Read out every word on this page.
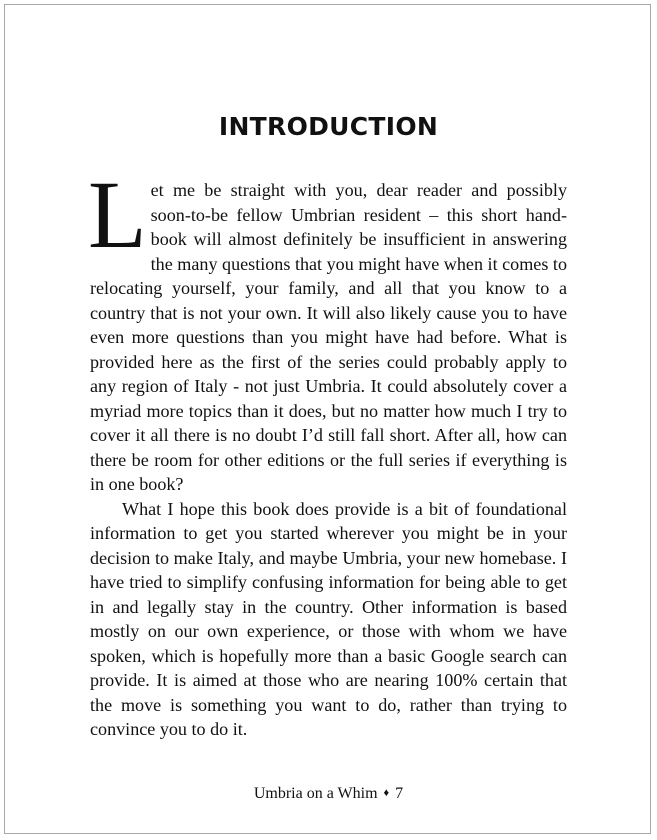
INTRODUCTION

Let me be straight with you, dear reader and possibly soon-to-be fellow Umbrian resident – this short handbook will almost definitely be insufficient in answering the many questions that you might have when it comes to relocating yourself, your family, and all that you know to a country that is not your own. It will also likely cause you to have even more questions than you might have had before. What is provided here as the first of the series could probably apply to any region of Italy - not just Umbria. It could absolutely cover a myriad more topics than it does, but no matter how much I try to cover it all there is no doubt I’d still fall short. After all, how can there be room for other editions or the full series if everything is in one book?

What I hope this book does provide is a bit of foundational information to get you started wherever you might be in your decision to make Italy, and maybe Umbria, your new homebase. I have tried to simplify confusing information for being able to get in and legally stay in the country. Other information is based mostly on our own experience, or those with whom we have spoken, which is hopefully more than a basic Google search can provide. It is aimed at those who are nearing 100% certain that the move is something you want to do, rather than trying to convince you to do it.

Umbria on a Whim ♦ 7
